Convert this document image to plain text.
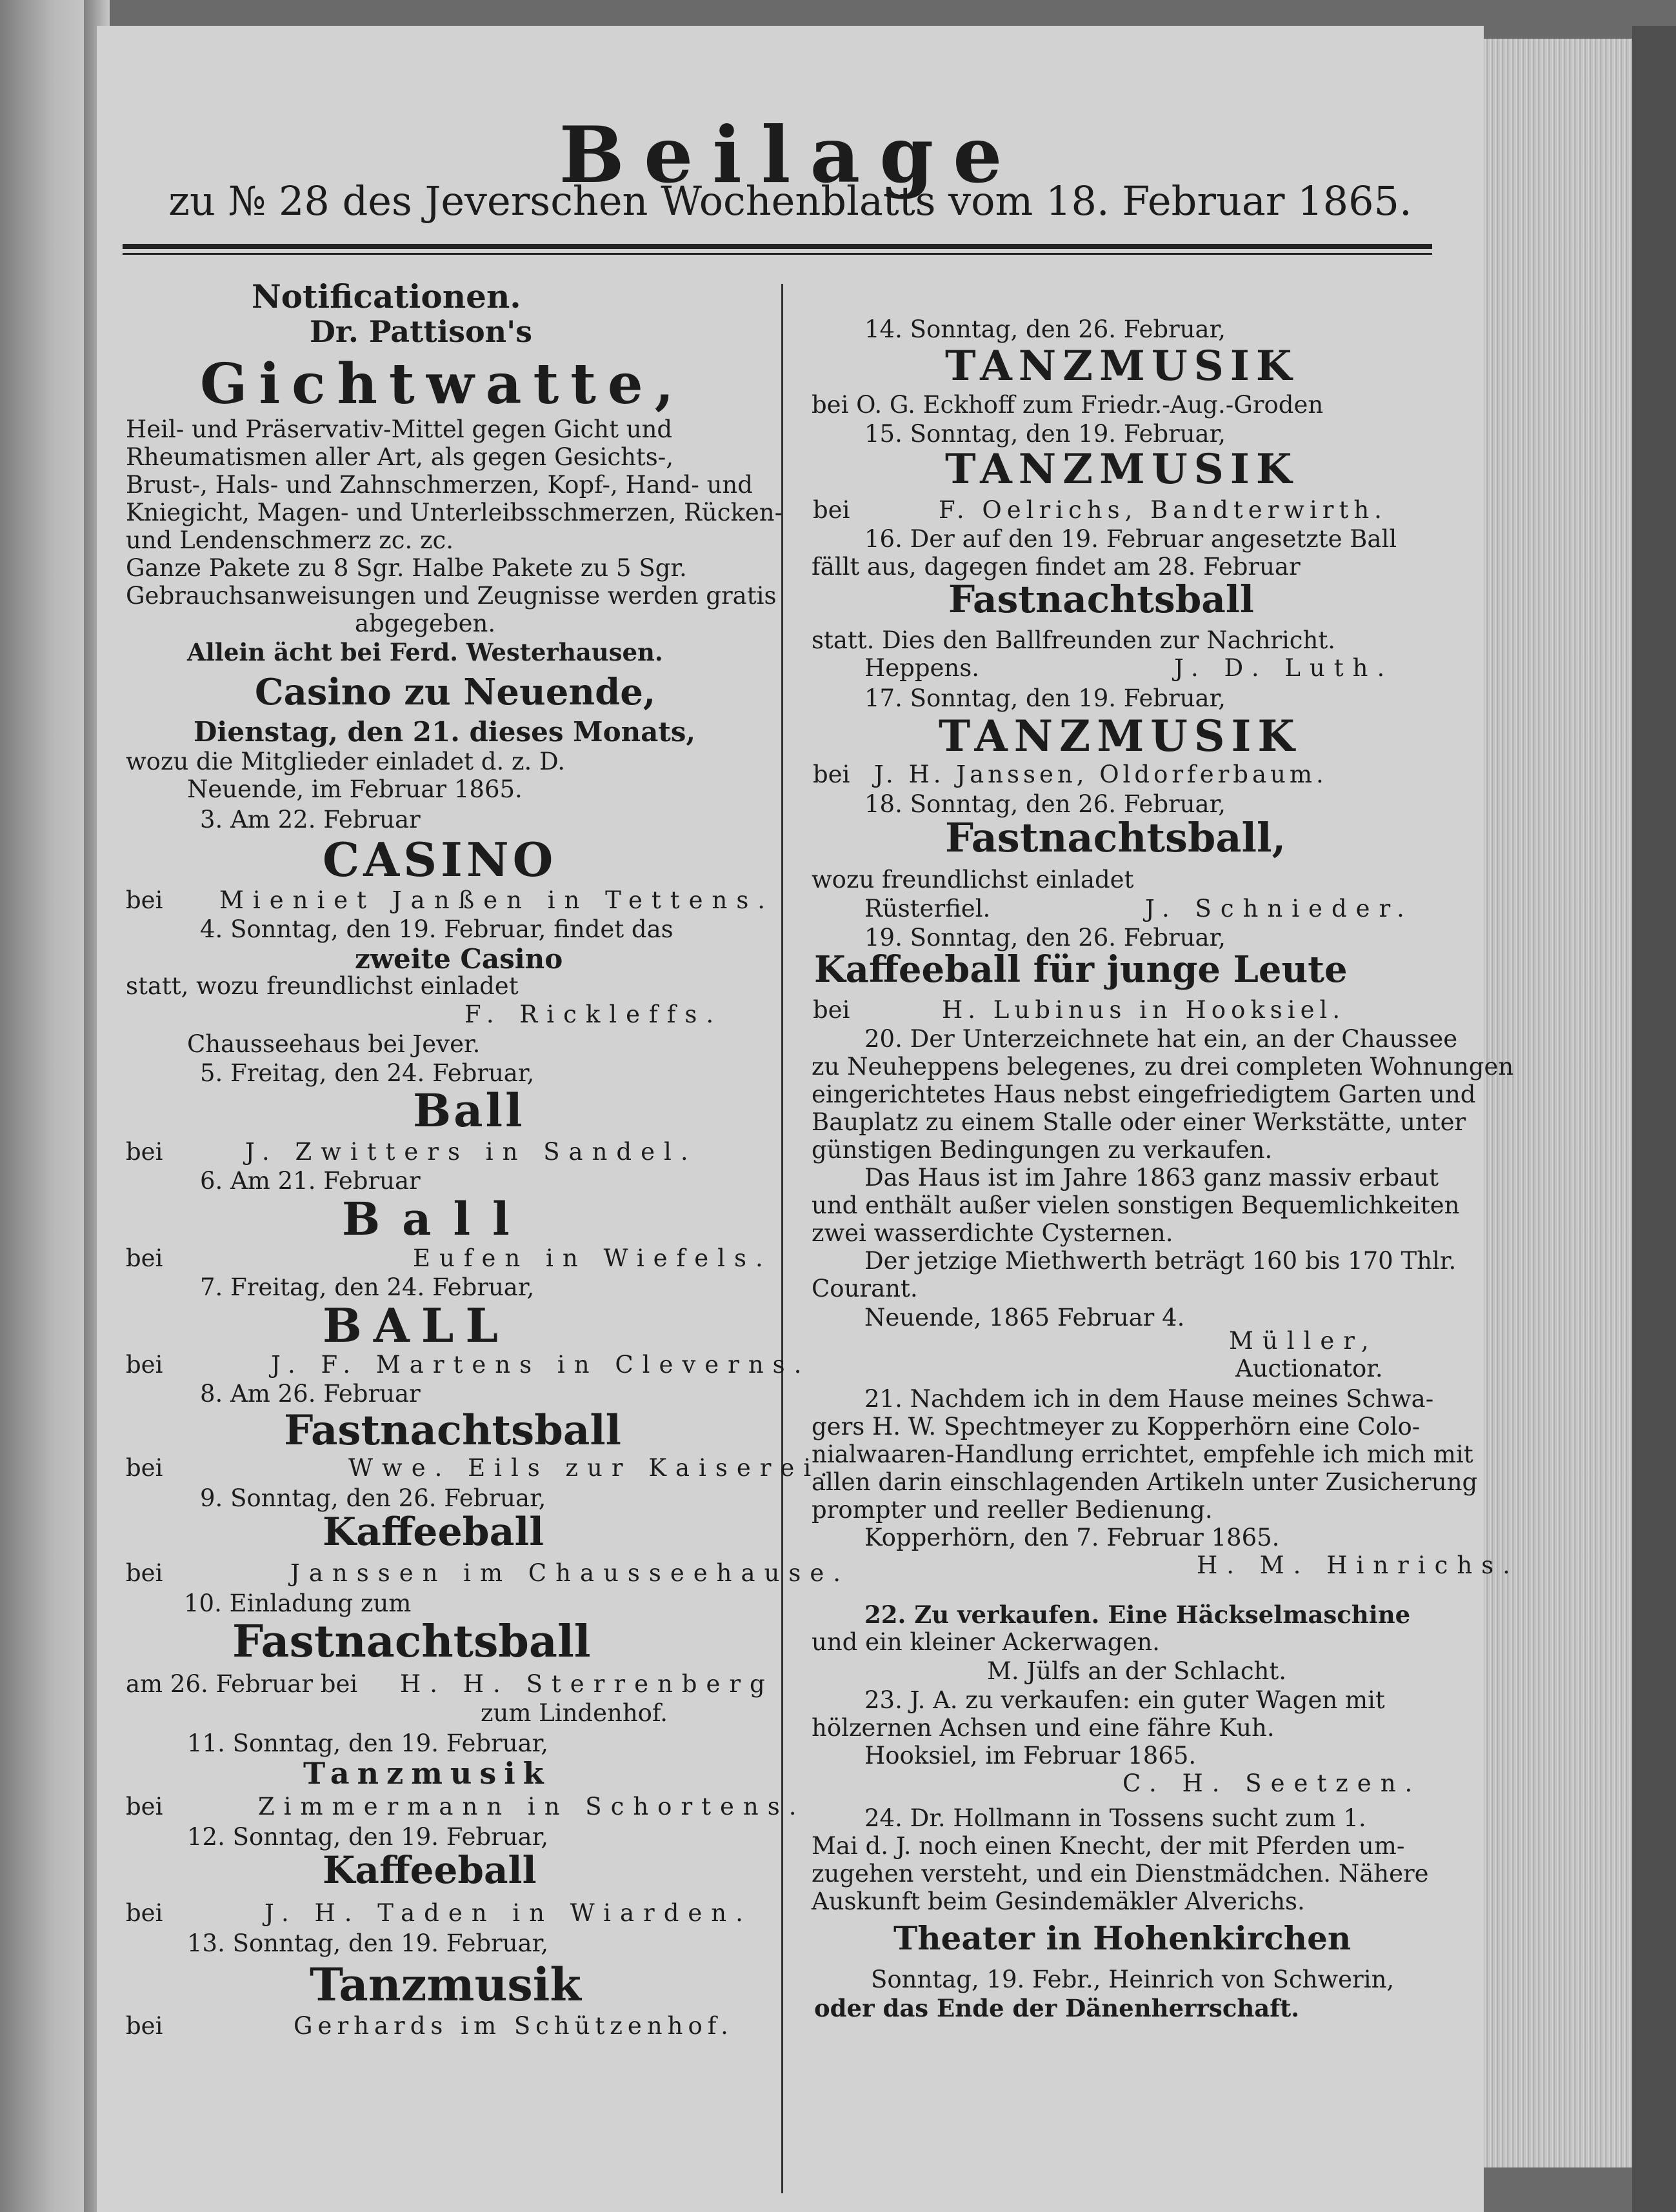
Beilage
zu № 28 des Jeverschen Wochenblatts vom 18. Februar 1865.
Notificationen.
Dr. Pattison's
Gichtwatte,
Heil- und Präservativ-Mittel gegen Gicht und
Rheumatismen aller Art, als gegen Gesichts-,
Brust-, Hals- und Zahnschmerzen, Kopf-, Hand- und
Kniegicht, Magen- und Unterleibsschmerzen, Rücken-
und Lendenschmerz zc. zc.
Ganze Pakete zu 8 Sgr. Halbe Pakete zu 5 Sgr.
Gebrauchsanweisungen und Zeugnisse werden gratis
abgegeben.
Allein ächt bei Ferd. Westerhausen.
Casino zu Neuende,
Dienstag, den 21. dieses Monats,
wozu die Mitglieder einladet d. z. D.
Neuende, im Februar 1865.
3. Am 22. Februar
CASINO
bei Mieniet Janßen in Tettens.
4. Sonntag, den 19. Februar, findet das
zweite Casino
statt, wozu freundlichst einladet
F. Rickleffs.
Chausseehaus bei Jever.
5. Freitag, den 24. Februar,
Ball
bei	J. Zwitters in Sandel.
6. Am 21. Februar
Ball
bei	Eufen in Wiefels.
7. Freitag, den 24. Februar,
BALL
bei	J. F. Martens in Cleverns.
8. Am 26. Februar
Fastnachtsball
bei	Wwe. Eils zur Kaiserei.
9. Sonntag, den 26. Februar,
Kaffeeball
bei	Janssen im Chausseehause.
10. Einladung zum
Fastnachtsball
am 26. Februar bei H. H. Sterrenberg
zum Lindenhof.
11. Sonntag, den 19. Februar,
Tanzmusik
bei	Zimmermann in Schortens.
12. Sonntag, den 19. Februar,
Kaffeeball
bei	J. H. Taden in Wiarden.
13. Sonntag, den 19. Februar,
Tanzmusik
bei	Gerhards im Schützenhof.
14. Sonntag, den 26. Februar,
TANZMUSIK
bei O. G. Eckhoff zum Friedr.-Aug.-Groden
15. Sonntag, den 19. Februar,
TANZMUSIK
bei	F. Oelrichs, Bandterwirth.
16. Der auf den 19. Februar angesetzte Ball
fällt aus, dagegen findet am 28. Februar
Fastnachtsball
statt. Dies den Ballfreunden zur Nachricht.
Heppens.	J. D. Luth.
17. Sonntag, den 19. Februar,
TANZMUSIK
bei J. H. Janssen, Oldorferbaum.
18. Sonntag, den 26. Februar,
Fastnachtsball,
wozu freundlichst einladet
Rüsterfiel.	J. Schnieder.
19. Sonntag, den 26. Februar,
Kaffeeball für junge Leute
bei	H. Lubinus in Hooksiel.
20. Der Unterzeichnete hat ein, an der Chaussee
zu Neuheppens belegenes, zu drei completen Wohnungen
eingerichtetes Haus nebst eingefriedigtem Garten und
Bauplatz zu einem Stalle oder einer Werkstätte, unter
günstigen Bedingungen zu verkaufen.
Das Haus ist im Jahre 1863 ganz massiv erbaut
und enthält außer vielen sonstigen Bequemlichkeiten
zwei wasserdichte Cysternen.
Der jetzige Miethwerth beträgt 160 bis 170 Thlr.
Courant.
Neuende, 1865 Februar 4.
Müller,
Auctionator.
21. Nachdem ich in dem Hause meines Schwa-
gers H. W. Spechtmeyer zu Kopperhörn eine Colo-
nialwaaren-Handlung errichtet, empfehle ich mich mit
allen darin einschlagenden Artikeln unter Zusicherung
prompter und reeller Bedienung.
Kopperhörn, den 7. Februar 1865.
H. M. Hinrichs.
22. Zu verkaufen. Eine Häckselmaschine
und ein kleiner Ackerwagen.
M. Jülfs an der Schlacht.
23. J. A. zu verkaufen: ein guter Wagen mit
hölzernen Achsen und eine fähre Kuh.
Hooksiel, im Februar 1865.
C. H. Seetzen.
24. Dr. Hollmann in Tossens sucht zum 1.
Mai d. J. noch einen Knecht, der mit Pferden um-
zugehen versteht, und ein Dienstmädchen. Nähere
Auskunft beim Gesindemäkler Alverichs.
Theater in Hohenkirchen
Sonntag, 19. Febr., Heinrich von Schwerin,
oder das Ende der Dänenherrschaft.
